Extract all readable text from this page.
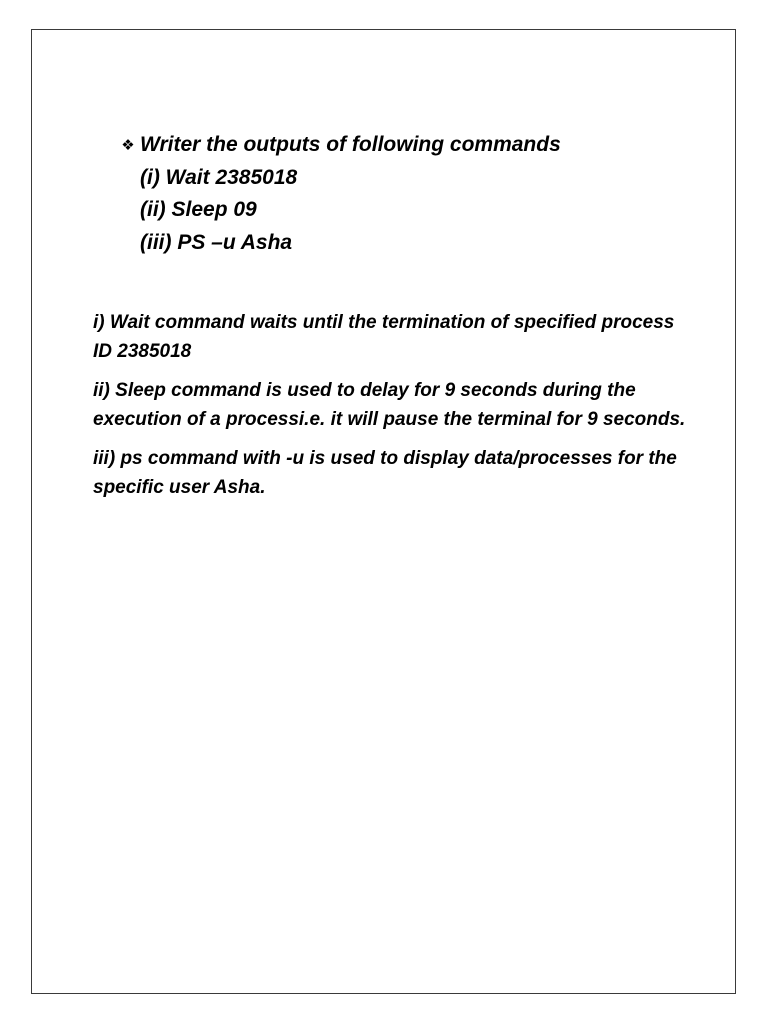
❖ Writer the outputs of following commands
(i) Wait 2385018
(ii) Sleep 09
(iii) PS –u Asha

i) Wait command waits until the termination of specified process ID 2385018

ii) Sleep command is used to delay for 9 seconds during the execution of a processi.e. it will pause the terminal for 9 seconds.

iii) ps command with -u is used to display data/processes for the specific user Asha.
